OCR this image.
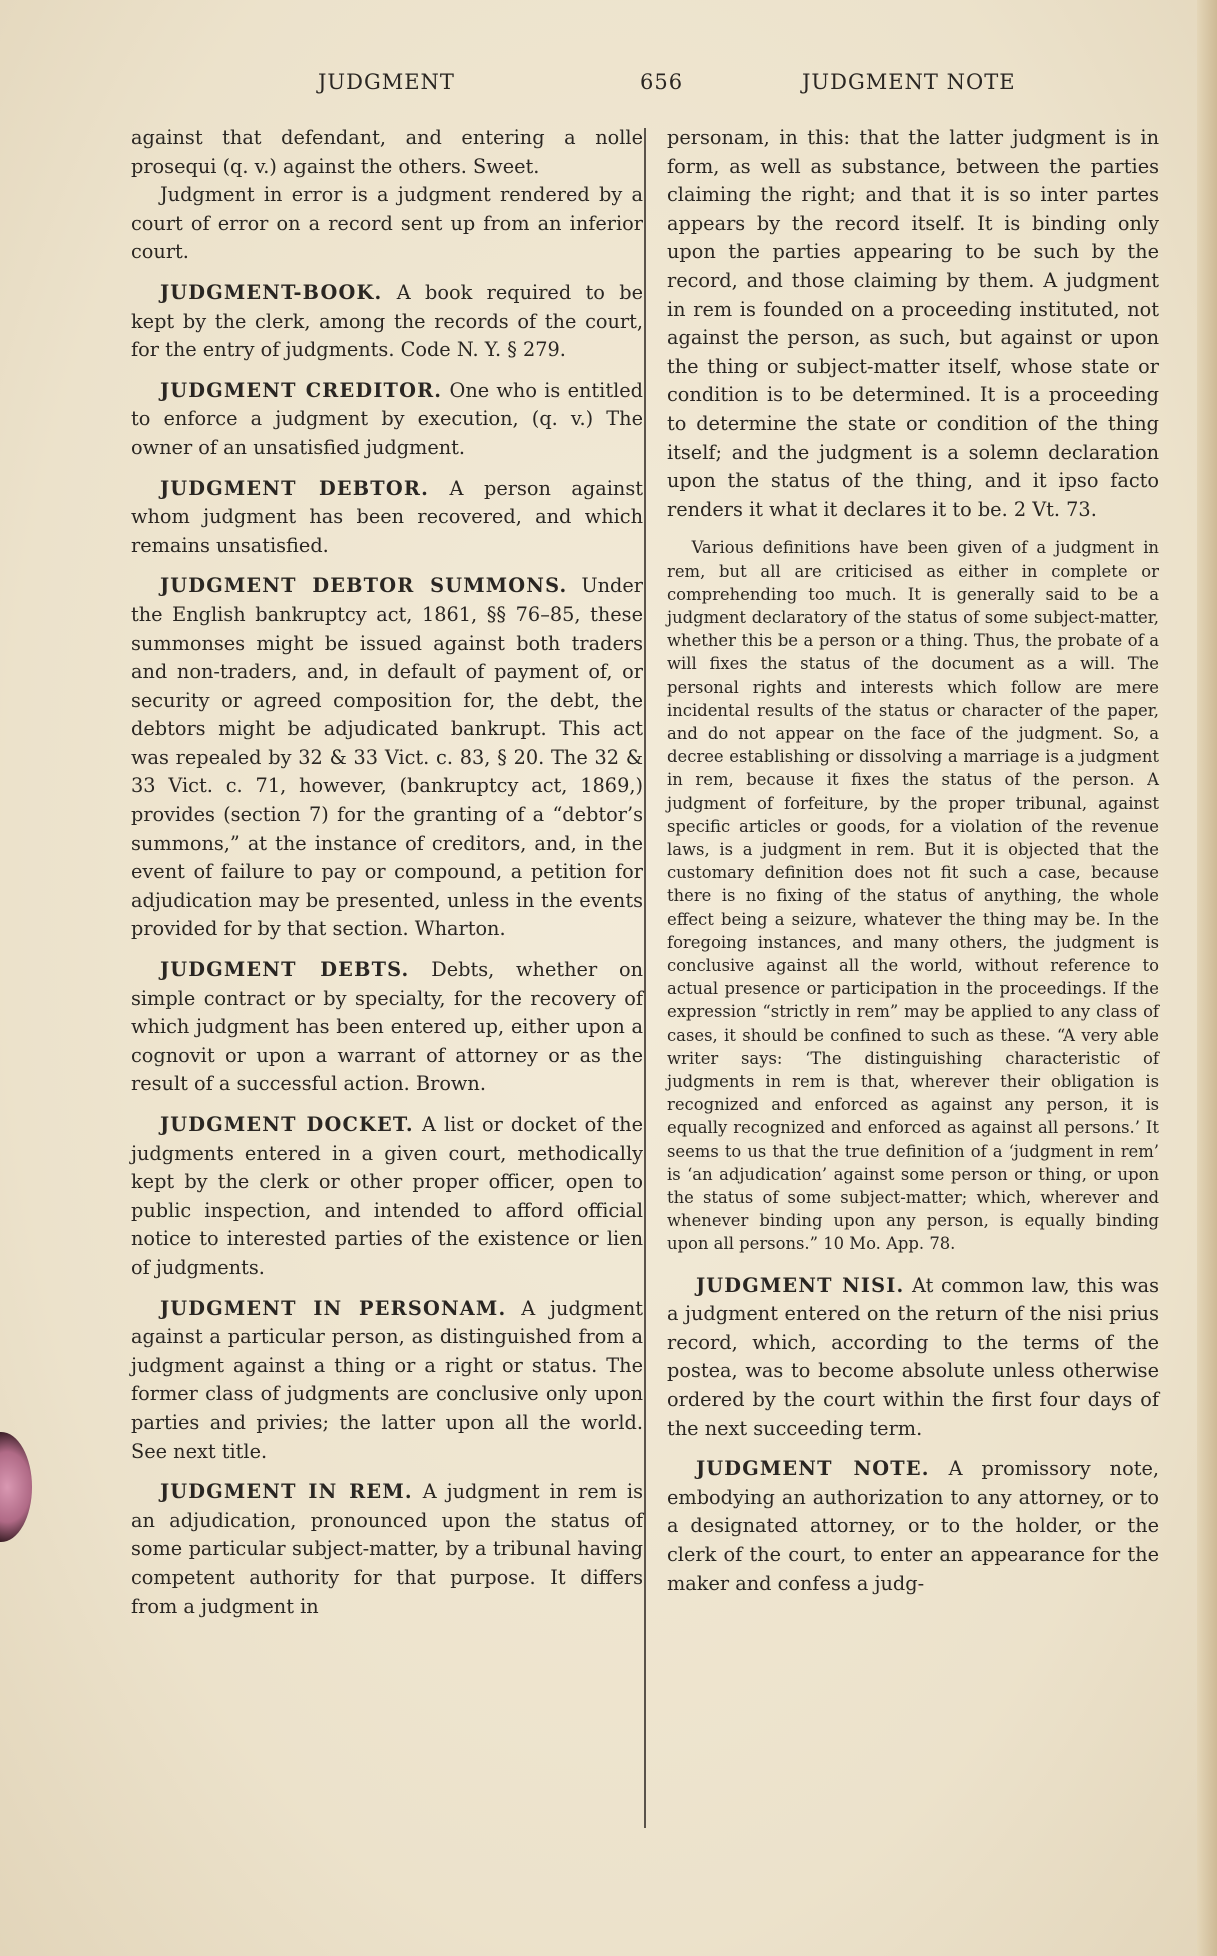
JUDGMENT	656	JUDGMENT NOTE

against that defendant, and entering a nolle prosequi (q. v.) against the others. Sweet.

Judgment in error is a judgment rendered by a court of error on a record sent up from an inferior court.

JUDGMENT-BOOK. A book required to be kept by the clerk, among the records of the court, for the entry of judgments. Code N. Y. § 279.

JUDGMENT CREDITOR. One who is entitled to enforce a judgment by execution, (q. v.) The owner of an unsatisfied judgment.

JUDGMENT DEBTOR. A person against whom judgment has been recovered, and which remains unsatisfied.

JUDGMENT DEBTOR SUMMONS. Under the English bankruptcy act, 1861, §§ 76–85, these summonses might be issued against both traders and non-traders, and, in default of payment of, or security or agreed composition for, the debt, the debtors might be adjudicated bankrupt. This act was repealed by 32 & 33 Vict. c. 83, § 20. The 32 & 33 Vict. c. 71, however, (bankruptcy act, 1869,) provides (section 7) for the granting of a “debtor’s summons,” at the instance of creditors, and, in the event of failure to pay or compound, a petition for adjudication may be presented, unless in the events provided for by that section. Wharton.

JUDGMENT DEBTS. Debts, whether on simple contract or by specialty, for the recovery of which judgment has been entered up, either upon a cognovit or upon a warrant of attorney or as the result of a successful action. Brown.

JUDGMENT DOCKET. A list or docket of the judgments entered in a given court, methodically kept by the clerk or other proper officer, open to public inspection, and intended to afford official notice to interested parties of the existence or lien of judgments.

JUDGMENT IN PERSONAM. A judgment against a particular person, as distinguished from a judgment against a thing or a right or status. The former class of judgments are conclusive only upon parties and privies; the latter upon all the world. See next title.

JUDGMENT IN REM. A judgment in rem is an adjudication, pronounced upon the status of some particular subject-matter, by a tribunal having competent authority for that purpose. It differs from a judgment in

personam, in this: that the latter judgment is in form, as well as substance, between the parties claiming the right; and that it is so inter partes appears by the record itself. It is binding only upon the parties appearing to be such by the record, and those claiming by them. A judgment in rem is founded on a proceeding instituted, not against the person, as such, but against or upon the thing or subject-matter itself, whose state or condition is to be determined. It is a proceeding to determine the state or condition of the thing itself; and the judgment is a solemn declaration upon the status of the thing, and it ipso facto renders it what it declares it to be. 2 Vt. 73.

Various definitions have been given of a judgment in rem, but all are criticised as either in complete or comprehending too much. It is generally said to be a judgment declaratory of the status of some subject-matter, whether this be a person or a thing. Thus, the probate of a will fixes the status of the document as a will. The personal rights and interests which follow are mere incidental results of the status or character of the paper, and do not appear on the face of the judgment. So, a decree establishing or dissolving a marriage is a judgment in rem, because it fixes the status of the person. A judgment of forfeiture, by the proper tribunal, against specific articles or goods, for a violation of the revenue laws, is a judgment in rem. But it is objected that the customary definition does not fit such a case, because there is no fixing of the status of anything, the whole effect being a seizure, whatever the thing may be. In the foregoing instances, and many others, the judgment is conclusive against all the world, without reference to actual presence or participation in the proceedings. If the expression “strictly in rem” may be applied to any class of cases, it should be confined to such as these. “A very able writer says: ‘The distinguishing characteristic of judgments in rem is that, wherever their obligation is recognized and enforced as against any person, it is equally recognized and enforced as against all persons.’ It seems to us that the true definition of a ‘judgment in rem’ is ‘an adjudication’ against some person or thing, or upon the status of some subject-matter; which, wherever and whenever binding upon any person, is equally binding upon all persons.” 10 Mo. App. 78.

JUDGMENT NISI. At common law, this was a judgment entered on the return of the nisi prius record, which, according to the terms of the postea, was to become absolute unless otherwise ordered by the court within the first four days of the next succeeding term.

JUDGMENT NOTE. A promissory note, embodying an authorization to any attorney, or to a designated attorney, or to the holder, or the clerk of the court, to enter an appearance for the maker and confess a judg-
